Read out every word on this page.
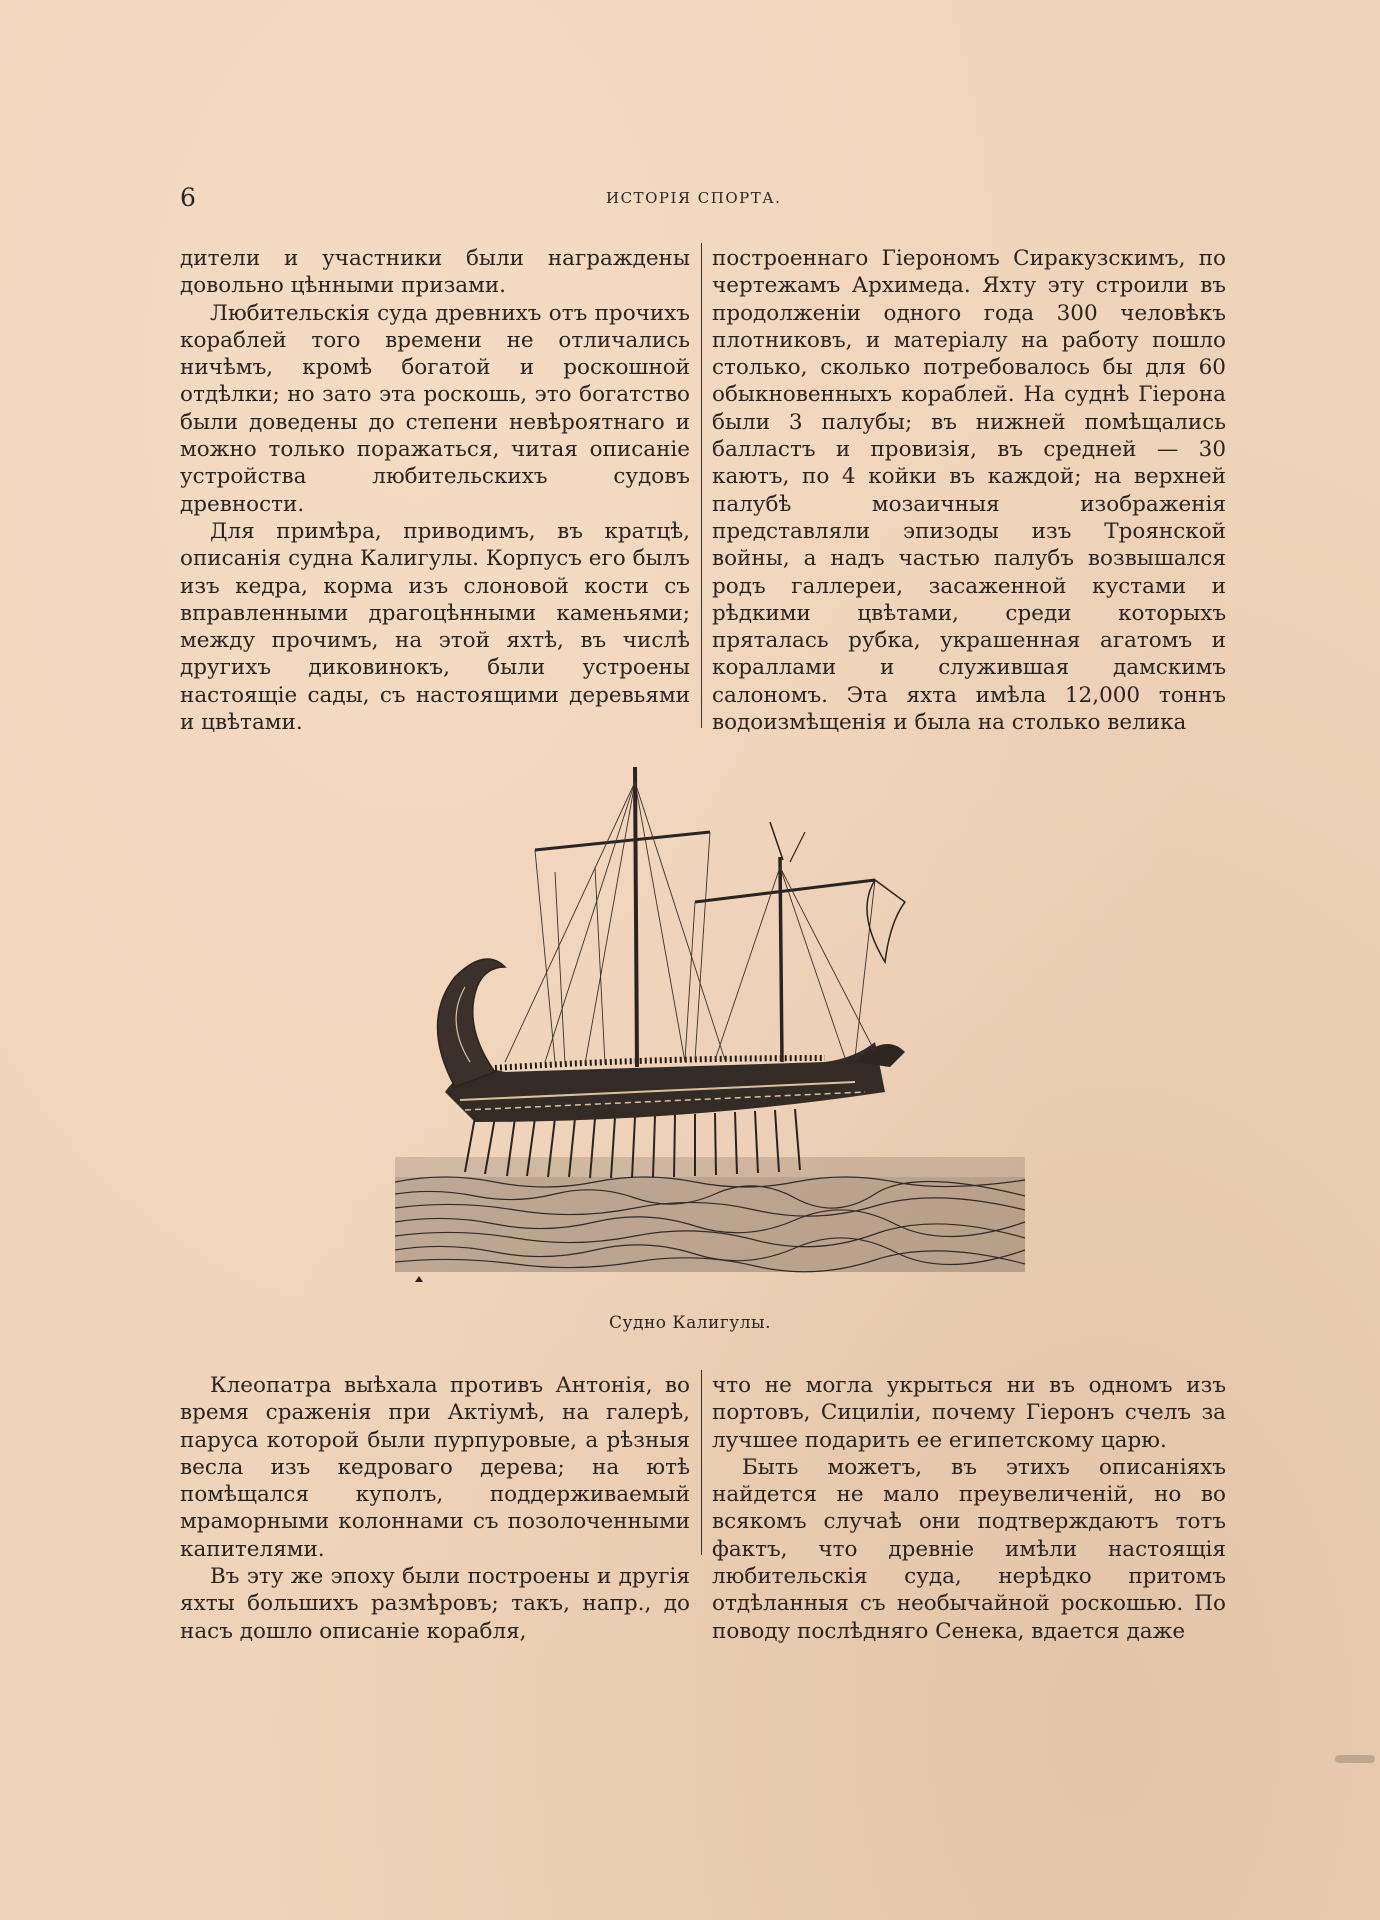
6	ИСТОРІЯ СПОРТА.

дители и участники были награждены довольно цѣнными призами.

Любительскія суда древнихъ отъ прочихъ кораблей того времени не отличались ничѣмъ, кромѣ богатой и роскошной отдѣлки; но зато эта роскошь, это богатство были доведены до степени невѣроятнаго и можно только поражаться, читая описаніе устройства любительскихъ судовъ древности.

Для примѣра, приводимъ, въ кратцѣ, описанія судна Калигулы. Корпусъ его былъ изъ кедра, корма изъ слоновой кости съ вправленными драгоцѣнными каменьями; между прочимъ, на этой яхтѣ, въ числѣ другихъ диковинокъ, были устроены настоящіе сады, съ настоящими деревьями и цвѣтами.

построеннаго Гіерономъ Сиракузскимъ, по чертежамъ Архимеда. Яхту эту строили въ продолженіи одного года 300 человѣкъ плотниковъ, и матеріалу на работу пошло столько, сколько потребовалось бы для 60 обыкновенныхъ кораблей. На суднѣ Гіерона были 3 палубы; въ нижней помѣщались балластъ и провизія, въ средней — 30 каютъ, по 4 койки въ каждой; на верхней палубѣ мозаичныя изображенія представляли эпизоды изъ Троянской войны, а надъ частью палубъ возвышался родъ галлереи, засаженной кустами и рѣдкими цвѣтами, среди которыхъ пряталась рубка, украшенная агатомъ и кораллами и служившая дамскимъ салономъ. Эта яхта имѣла 12,000 тоннъ водоизмѣщенія и была на столько велика

Судно Калигулы.

Клеопатра выѣхала противъ Антонія, во время сраженія при Актіумѣ, на галерѣ, паруса которой были пурпуровые, а рѣзныя весла изъ кедроваго дерева; на ютѣ помѣщался куполъ, поддерживаемый мраморными колоннами съ позолоченными капителями.

Въ эту же эпоху были построены и другія яхты большихъ размѣровъ; такъ, напр., до насъ дошло описаніе корабля,

что не могла укрыться ни въ одномъ изъ портовъ, Сициліи, почему Гіеронъ счелъ за лучшее подарить ее египетскому царю.

Быть можетъ, въ этихъ описаніяхъ найдется не мало преувеличеній, но во всякомъ случаѣ они подтверждаютъ тотъ фактъ, что древніе имѣли настоящія любительскія суда, нерѣдко притомъ отдѣланныя съ необычайной роскошью. По поводу послѣдняго Сенека, вдается даже
